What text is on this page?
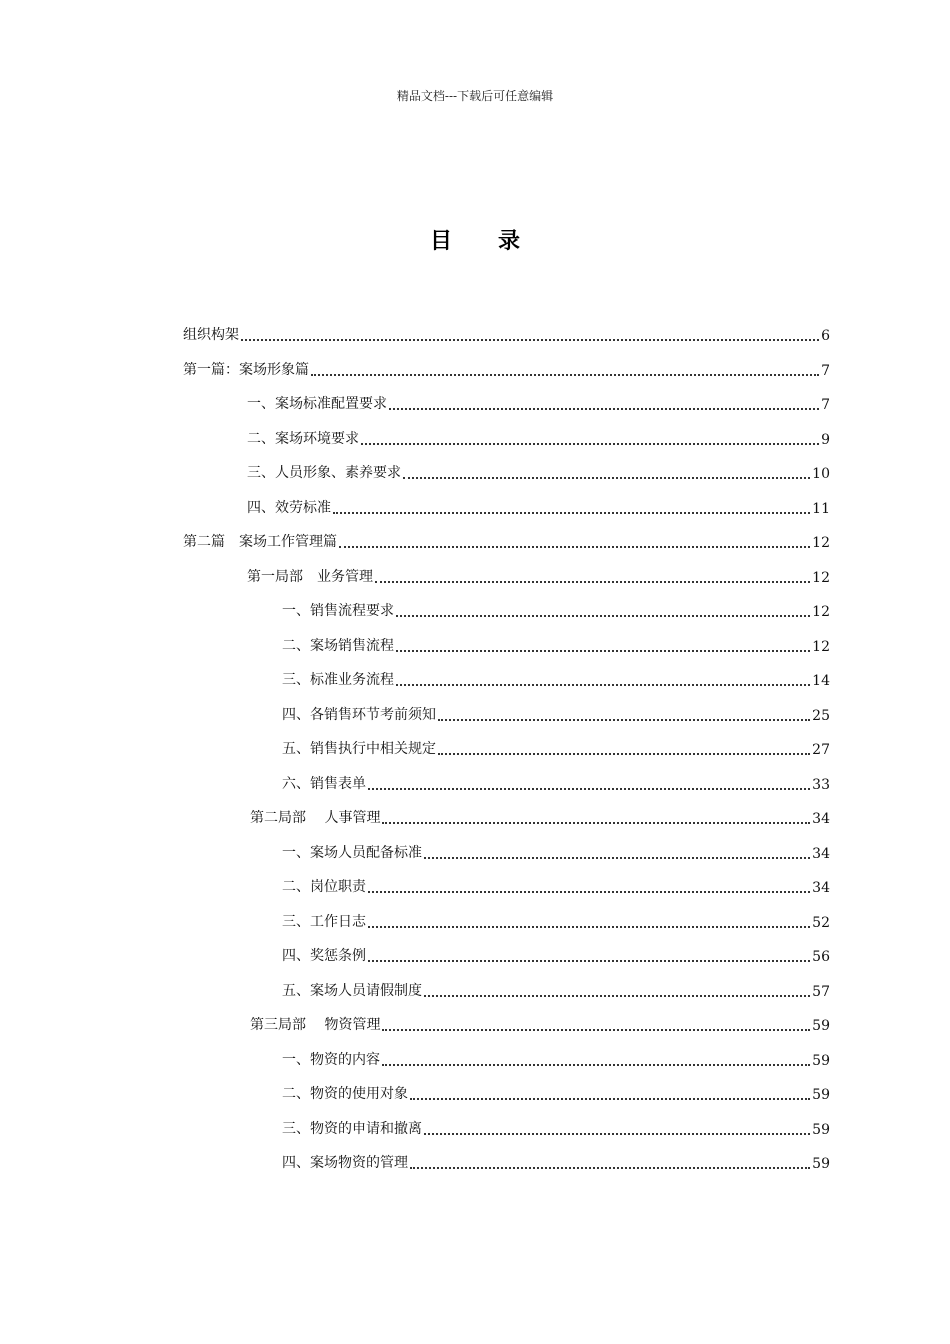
精品文档---下载后可任意编辑
目录
组织构架	6
第一篇：案场形象篇	7
一、案场标准配置要求	7
二、案场环境要求	9
三、人员形象、素养要求	10
四、效劳标准	11
第二篇　案场工作管理篇	12
第一局部　业务管理	12
一、销售流程要求	12
二、案场销售流程	12
三、标准业务流程	14
四、各销售环节考前须知	25
五、销售执行中相关规定	27
六、销售表单	33
第二局部　 人事管理	34
一、案场人员配备标准	34
二、岗位职责	34
三、工作日志	52
四、奖惩条例	56
五、案场人员请假制度	57
第三局部　 物资管理	59
一、物资的内容	59
二、物资的使用对象	59
三、物资的申请和撤离	59
四、案场物资的管理	59
